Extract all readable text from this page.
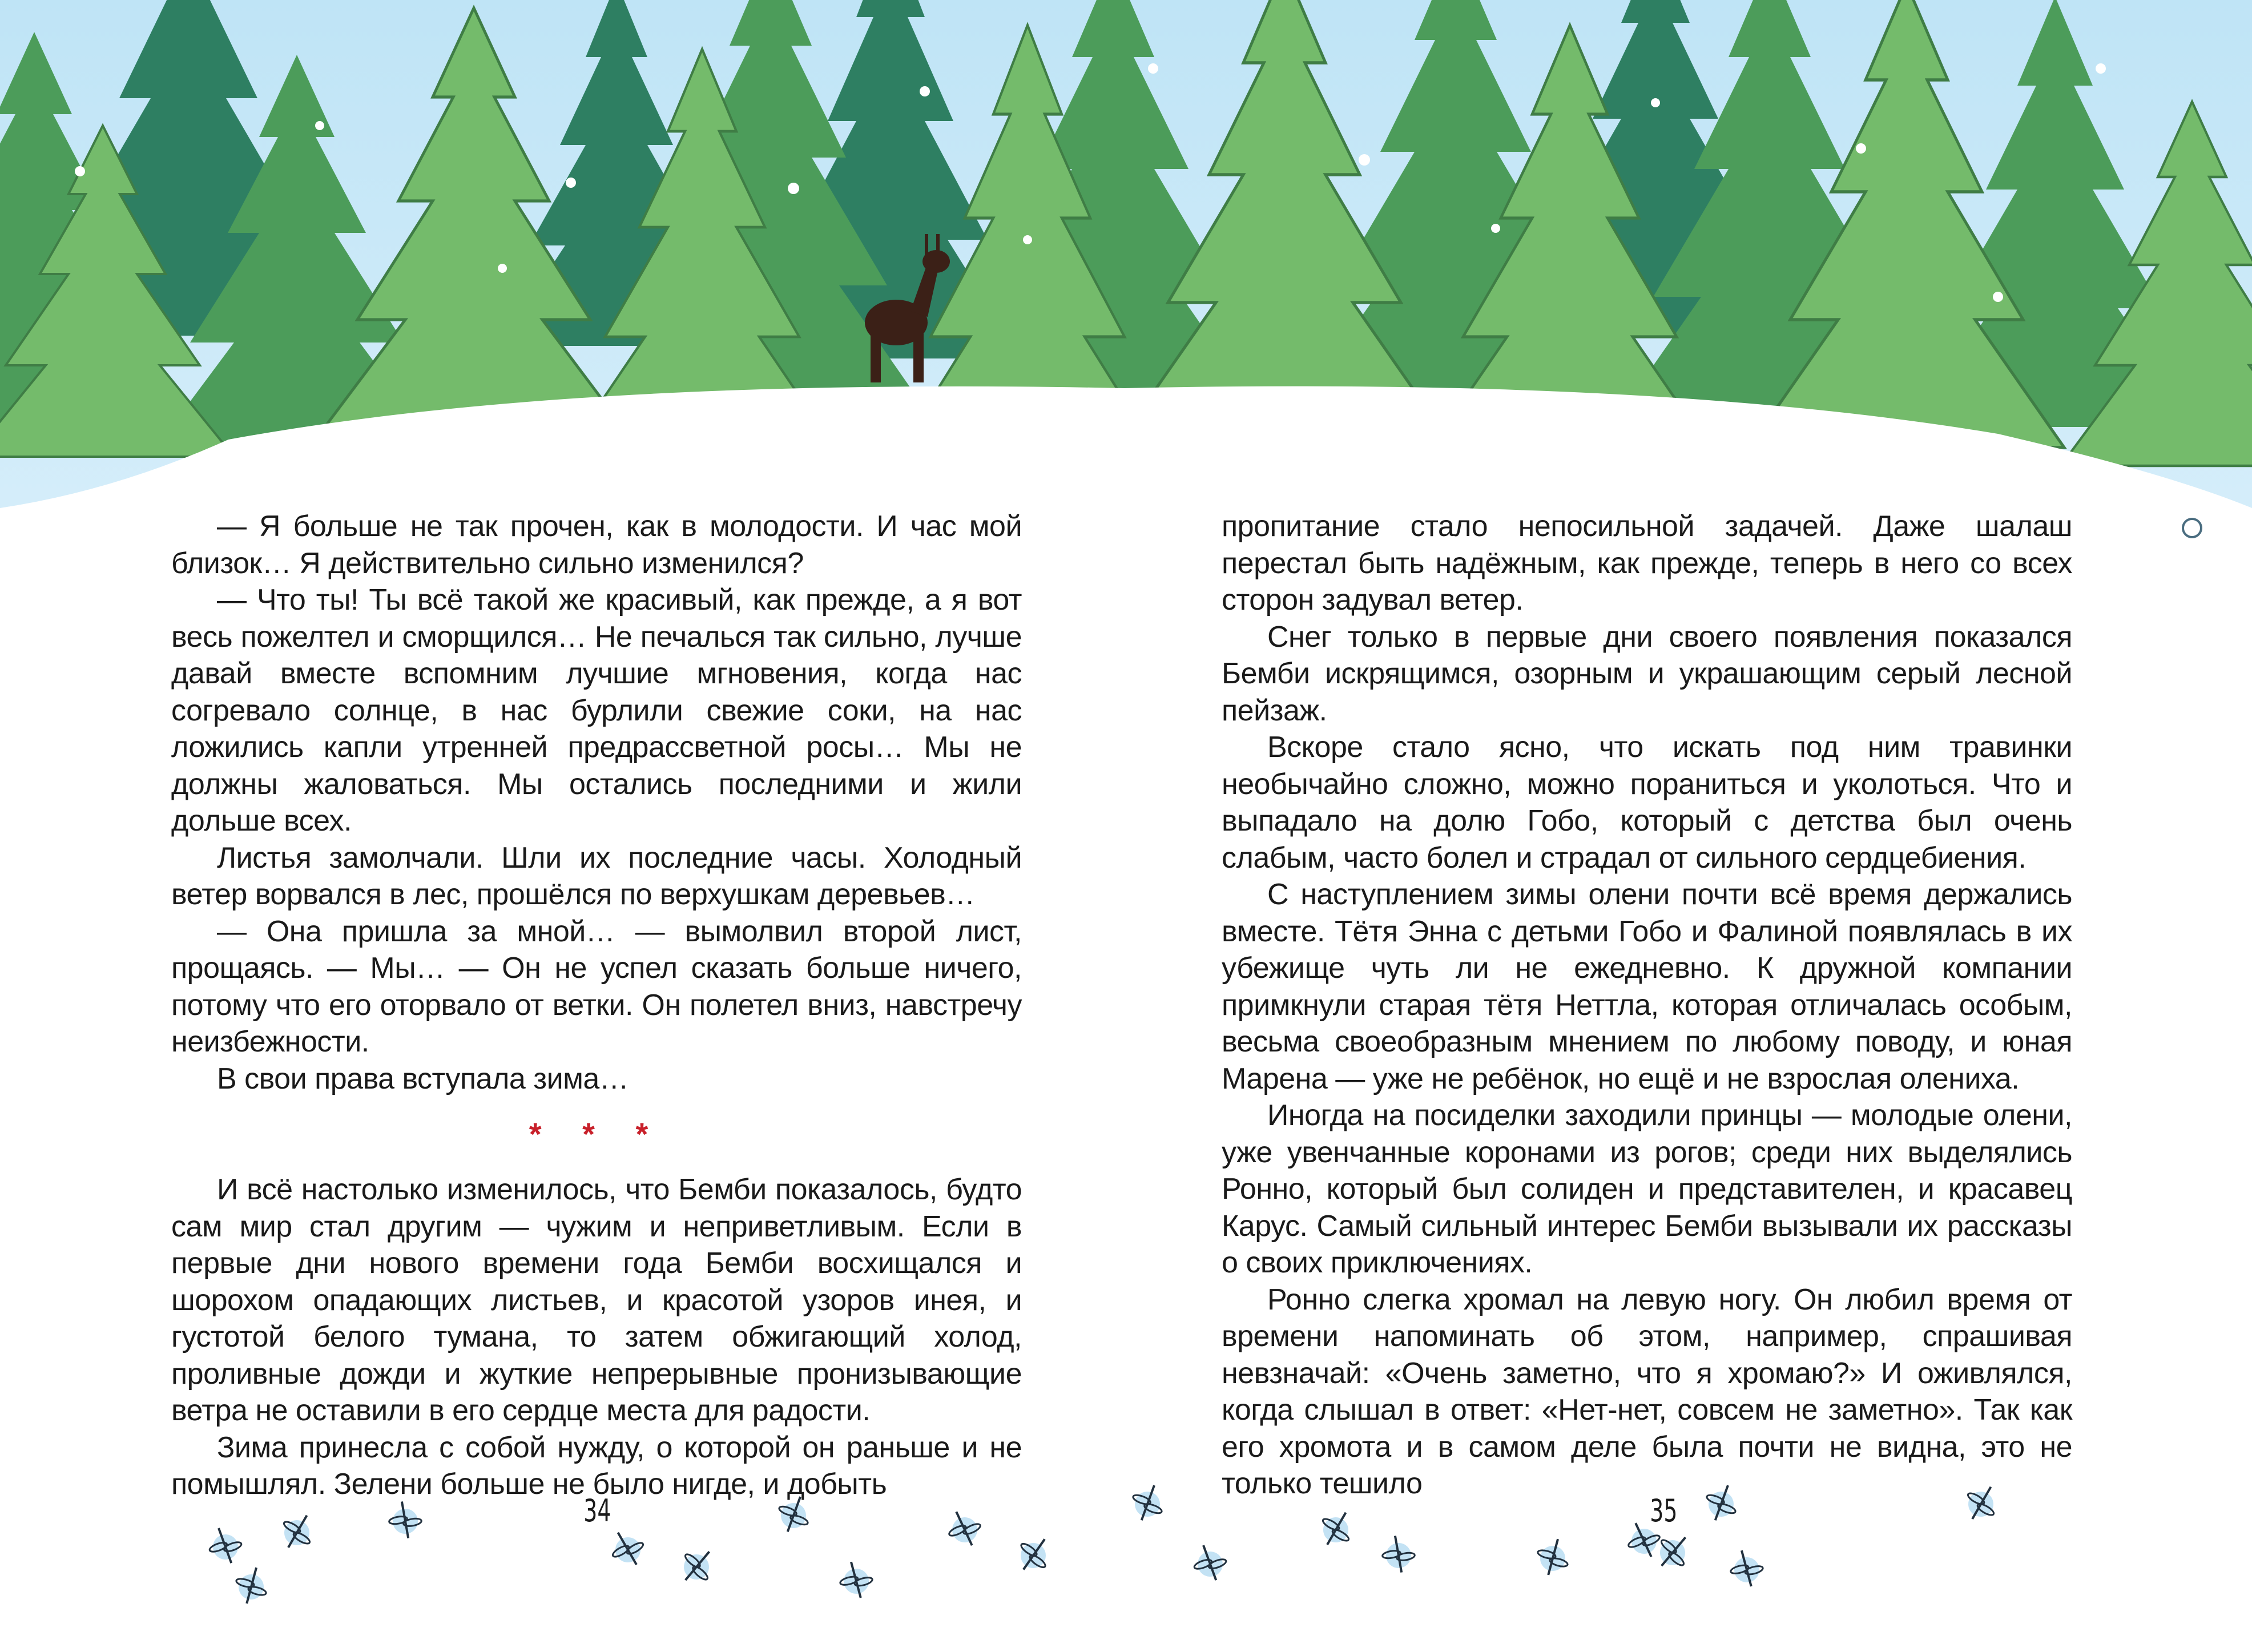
— Я больше не так прочен, как в молодости. И час мой близок… Я действительно сильно изменился?

— Что ты! Ты всё такой же красивый, как прежде, а я вот весь пожелтел и сморщился… Не печалься так сильно, лучше давай вместе вспомним лучшие мгновения, когда нас согревало солнце, в нас бурлили свежие соки, на нас ложились капли утренней предрассветной росы… Мы не должны жаловаться. Мы остались последними и жили дольше всех.

Листья замолчали. Шли их последние часы. Холодный ветер ворвался в лес, прошёлся по верхушкам деревьев…

— Она пришла за мной… — вымолвил второй лист, прощаясь. — Мы… — Он не успел сказать больше ничего, потому что его оторвало от ветки. Он полетел вниз, навстречу неизбежности.

В свои права вступала зима…

* * *

И всё настолько изменилось, что Бемби показалось, будто сам мир стал другим — чужим и неприветливым. Если в первые дни нового времени года Бемби восхищался и шорохом опадающих листьев, и красотой узоров инея, и густотой белого тумана, то затем обжигающий холод, проливные дожди и жуткие непрерывные пронизывающие ветра не оставили в его сердце места для радости.

Зима принесла с собой нужду, о которой он раньше и не помышлял. Зелени больше не было нигде, и добыть

пропитание стало непосильной задачей. Даже шалаш перестал быть надёжным, как прежде, теперь в него со всех сторон задувал ветер.

Снег только в первые дни своего появления показался Бемби искрящимся, озорным и украшающим серый лесной пейзаж.

Вскоре стало ясно, что искать под ним травинки необычайно сложно, можно пораниться и уколоться. Что и выпадало на долю Гобо, который с детства был очень слабым, часто болел и страдал от сильного сердцебиения.

С наступлением зимы олени почти всё время держались вместе. Тётя Энна с детьми Гобо и Фалиной появлялась в их убежище чуть ли не ежедневно. К дружной компании примкнули старая тётя Неттла, которая отличалась особым, весьма своеобразным мнением по любому поводу, и юная Марена — уже не ребёнок, но ещё и не взрослая олениха.

Иногда на посиделки заходили принцы — молодые олени, уже увенчанные коронами из рогов; среди них выделялись Ронно, который был солиден и представителен, и красавец Карус. Самый сильный интерес Бемби вызывали их рассказы о своих приключениях.

Ронно слегка хромал на левую ногу. Он любил время от времени напоминать об этом, например, спрашивая невзначай: «Очень заметно, что я хромаю?» И оживлялся, когда слышал в ответ: «Нет-нет, совсем не заметно». Так как его хромота и в самом деле была почти не видна, это не только тешило

34	35
